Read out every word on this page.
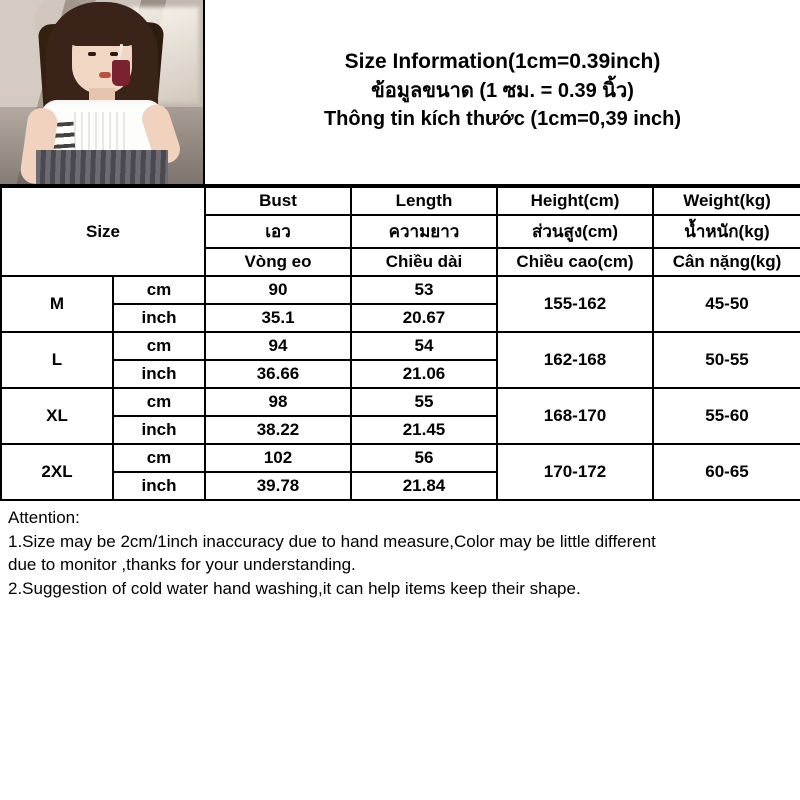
Size Information(1cm=0.39inch)
ข้อมูลขนาด (1 ซม. = 0.39 นิ้ว)
Thông tin kích thước (1cm=0,39 inch)
Size		Bust	Length	Height(cm)	Weight(kg)
		เอว	ความยาว	ส่วนสูง(cm)	น้ำหนัก(kg)
		Vòng eo	Chiều dài	Chiều cao(cm)	Cân nặng(kg)
M	cm	90	53	155-162	45-50
	inch	35.1	20.67		
L	cm	94	54	162-168	50-55
	inch	36.66	21.06		
XL	cm	98	55	168-170	55-60
	inch	38.22	21.45		
2XL	cm	102	56	170-172	60-65
	inch	39.78	21.84		

Attention:

1.Size may be 2cm/1inch inaccuracy due to hand measure,Color may be little different

due to monitor ,thanks for your understanding.

2.Suggestion of cold water hand washing,it can help items keep their shape.
